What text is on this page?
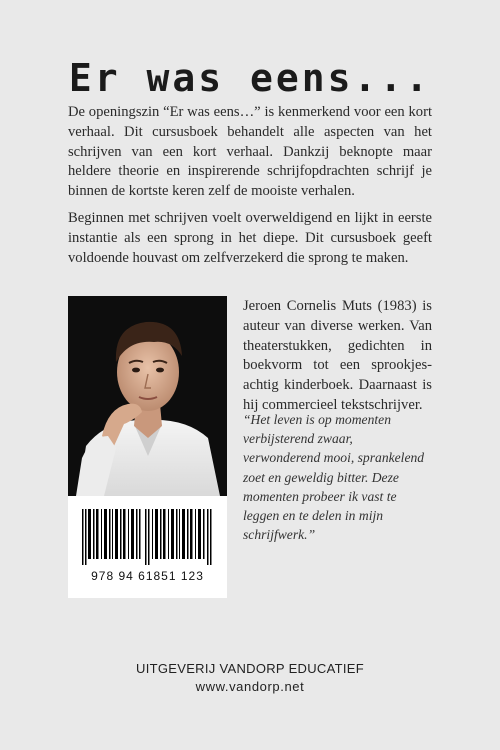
Er was eens...

De openingszin “Er was eens…” is kenmerkend voor een kort verhaal. Dit cursusboek behandelt alle aspecten van het schrijven van een kort verhaal. Dankzij beknopte maar heldere theorie en inspirerende schrijfopdrachten schrijf je binnen de kortste keren zelf de mooiste verhalen.

Beginnen met schrijven voelt overweldigend en lijkt in eerste instantie als een sprong in het diepe. Dit cursusboek geeft voldoende houvast om zelfverzekerd die sprong te maken.

978 94 61851 123

Jeroen Cornelis Muts (1983) is auteur van diverse werken. Van theaterstukken, gedichten in boekvorm tot een sprookjes-achtig kinderboek. Daarnaast is hij commercieel tekstschrijver.

“Het leven is op momenten verbijsterend zwaar, verwonderend mooi, sprankelend zoet en geweldig bitter. Deze momenten probeer ik vast te leggen en te delen in mijn schrijfwerk.”

UITGEVERIJ VANDORP EDUCATIEF
www.vandorp.net
